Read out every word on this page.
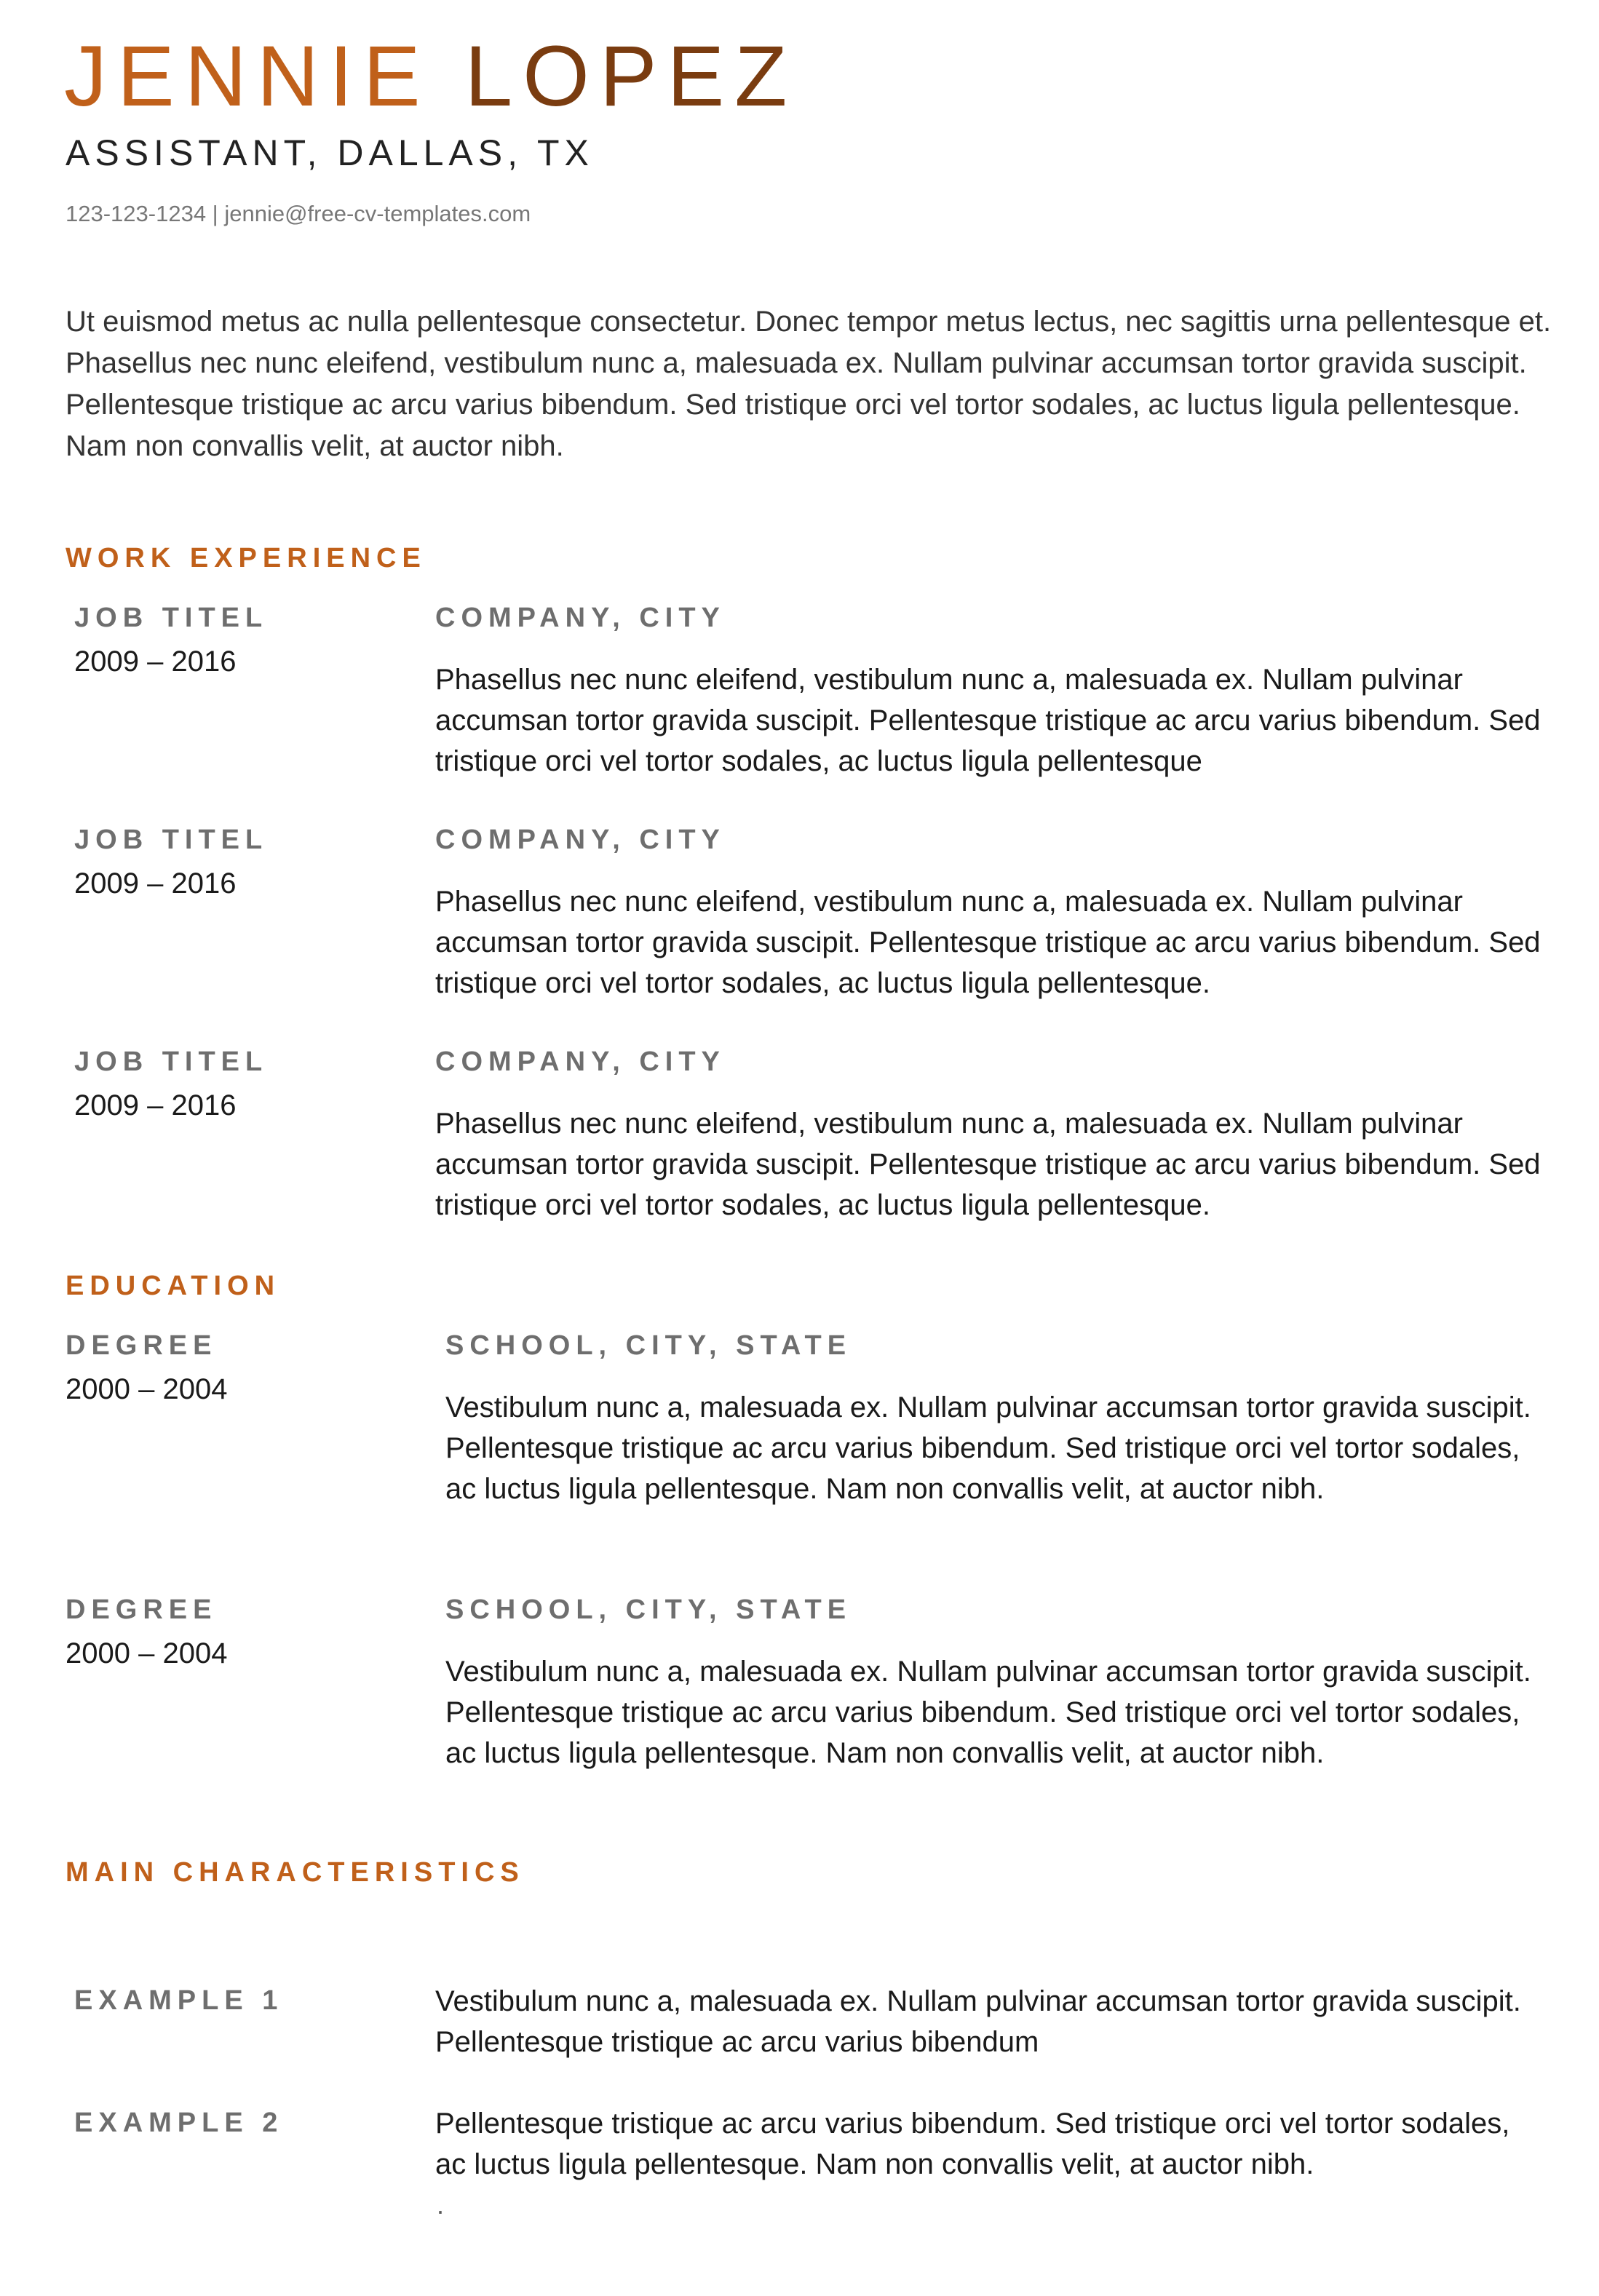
JENNIE LOPEZ
ASSISTANT, DALLAS, TX
123-123-1234 | jennie@free-cv-templates.com
Ut euismod metus ac nulla pellentesque consectetur. Donec tempor metus lectus, nec sagittis urna pellentesque et. Phasellus nec nunc eleifend, vestibulum nunc a, malesuada ex. Nullam pulvinar accumsan tortor gravida suscipit. Pellentesque tristique ac arcu varius bibendum. Sed tristique orci vel tortor sodales, ac luctus ligula pellentesque. Nam non convallis velit, at auctor nibh.
WORK EXPERIENCE
JOB TITEL
2009 – 2016
COMPANY, CITY
Phasellus nec nunc eleifend, vestibulum nunc a, malesuada ex. Nullam pulvinar accumsan tortor gravida suscipit. Pellentesque tristique ac arcu varius bibendum. Sed tristique orci vel tortor sodales, ac luctus ligula pellentesque
JOB TITEL
2009 – 2016
COMPANY, CITY
Phasellus nec nunc eleifend, vestibulum nunc a, malesuada ex. Nullam pulvinar accumsan tortor gravida suscipit. Pellentesque tristique ac arcu varius bibendum. Sed tristique orci vel tortor sodales, ac luctus ligula pellentesque.
JOB TITEL
2009 – 2016
COMPANY, CITY
Phasellus nec nunc eleifend, vestibulum nunc a, malesuada ex. Nullam pulvinar accumsan tortor gravida suscipit. Pellentesque tristique ac arcu varius bibendum. Sed tristique orci vel tortor sodales, ac luctus ligula pellentesque.
EDUCATION
DEGREE
2000 – 2004
SCHOOL, CITY, STATE
Vestibulum nunc a, malesuada ex. Nullam pulvinar accumsan tortor gravida suscipit. Pellentesque tristique ac arcu varius bibendum. Sed tristique orci vel tortor sodales, ac luctus ligula pellentesque. Nam non convallis velit, at auctor nibh.
DEGREE
2000 – 2004
SCHOOL, CITY, STATE
Vestibulum nunc a, malesuada ex. Nullam pulvinar accumsan tortor gravida suscipit. Pellentesque tristique ac arcu varius bibendum. Sed tristique orci vel tortor sodales, ac luctus ligula pellentesque. Nam non convallis velit, at auctor nibh.
MAIN CHARACTERISTICS
EXAMPLE 1	Vestibulum nunc a, malesuada ex. Nullam pulvinar accumsan tortor gravida suscipit. Pellentesque tristique ac arcu varius bibendum
EXAMPLE 2	Pellentesque tristique ac arcu varius bibendum. Sed tristique orci vel tortor sodales, ac luctus ligula pellentesque. Nam non convallis velit, at auctor nibh.
.
